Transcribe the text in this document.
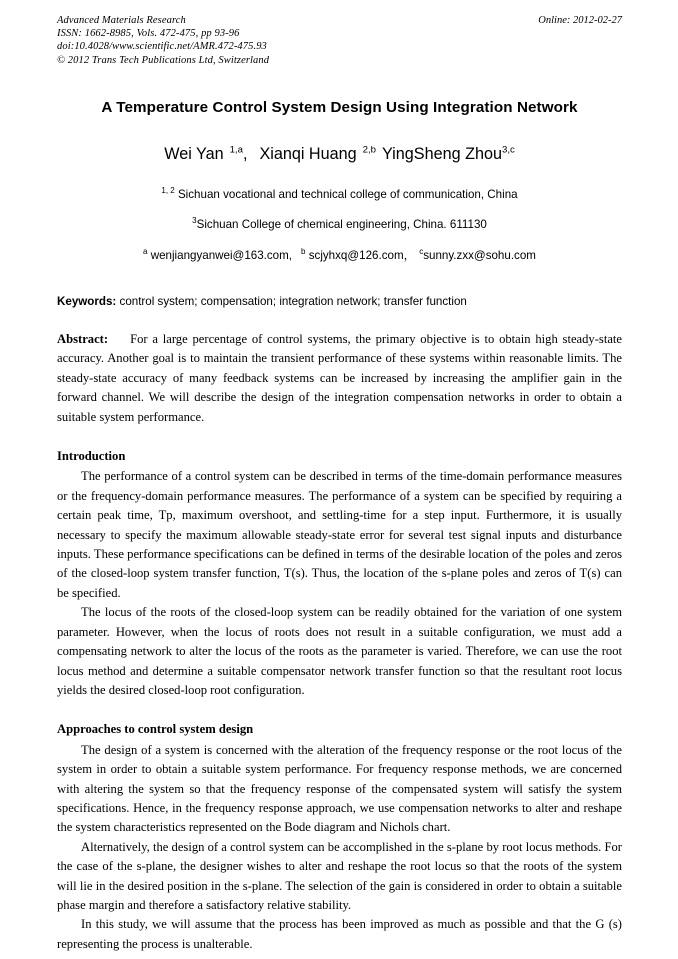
Advanced Materials Research
ISSN: 1662-8985, Vols. 472-475, pp 93-96
doi:10.4028/www.scientific.net/AMR.472-475.93
© 2012 Trans Tech Publications Ltd, Switzerland
Online: 2012-02-27
A Temperature Control System Design Using Integration Network
Wei Yan $^{1,a}$, Xianqi Huang $^{2,b}$ YingSheng Zhou$^{3,c}$
$^{1, 2}$ Sichuan vocational and technical college of communication, China
$^3$Sichuan College of chemical engineering, China. 611130
$^a$ wenjiangyanwei@163.com, $^b$ scjyhxq@126.com， $^c$sunny.zxx@sohu.com
Keywords: control system; compensation; integration network; transfer function
Abstract: For a large percentage of control systems, the primary objective is to obtain high steady-state accuracy. Another goal is to maintain the transient performance of these systems within reasonable limits. The steady-state accuracy of many feedback systems can be increased by increasing the amplifier gain in the forward channel. We will describe the design of the integration compensation networks in order to obtain a suitable system performance.
Introduction

The performance of a control system can be described in terms of the time-domain performance measures or the frequency-domain performance measures. The performance of a system can be specified by requiring a certain peak time, Tp, maximum overshoot, and settling-time for a step input. Furthermore, it is usually necessary to specify the maximum allowable steady-state error for several test signal inputs and disturbance inputs. These performance specifications can be defined in terms of the desirable location of the poles and zeros of the closed-loop system transfer function, T(s). Thus, the location of the s-plane poles and zeros of T(s) can be specified.

The locus of the roots of the closed-loop system can be readily obtained for the variation of one system parameter. However, when the locus of roots does not result in a suitable configuration, we must add a compensating network to alter the locus of the roots as the parameter is varied. Therefore, we can use the root locus method and determine a suitable compensator network transfer function so that the resultant root locus yields the desired closed-loop root configuration.

Approaches to control system design

The design of a system is concerned with the alteration of the frequency response or the root locus of the system in order to obtain a suitable system performance. For frequency response methods, we are concerned with altering the system so that the frequency response of the compensated system will satisfy the system specifications. Hence, in the frequency response approach, we use compensation networks to alter and reshape the system characteristics represented on the Bode diagram and Nichols chart.

Alternatively, the design of a control system can be accomplished in the s-plane by root locus methods. For the case of the s-plane, the designer wishes to alter and reshape the root locus so that the roots of the system will lie in the desired position in the s-plane. The selection of the gain is considered in order to obtain a suitable phase margin and therefore a satisfactory relative stability.

In this study, we will assume that the process has been improved as much as possible and that the G (s) representing the process is unalterable.
